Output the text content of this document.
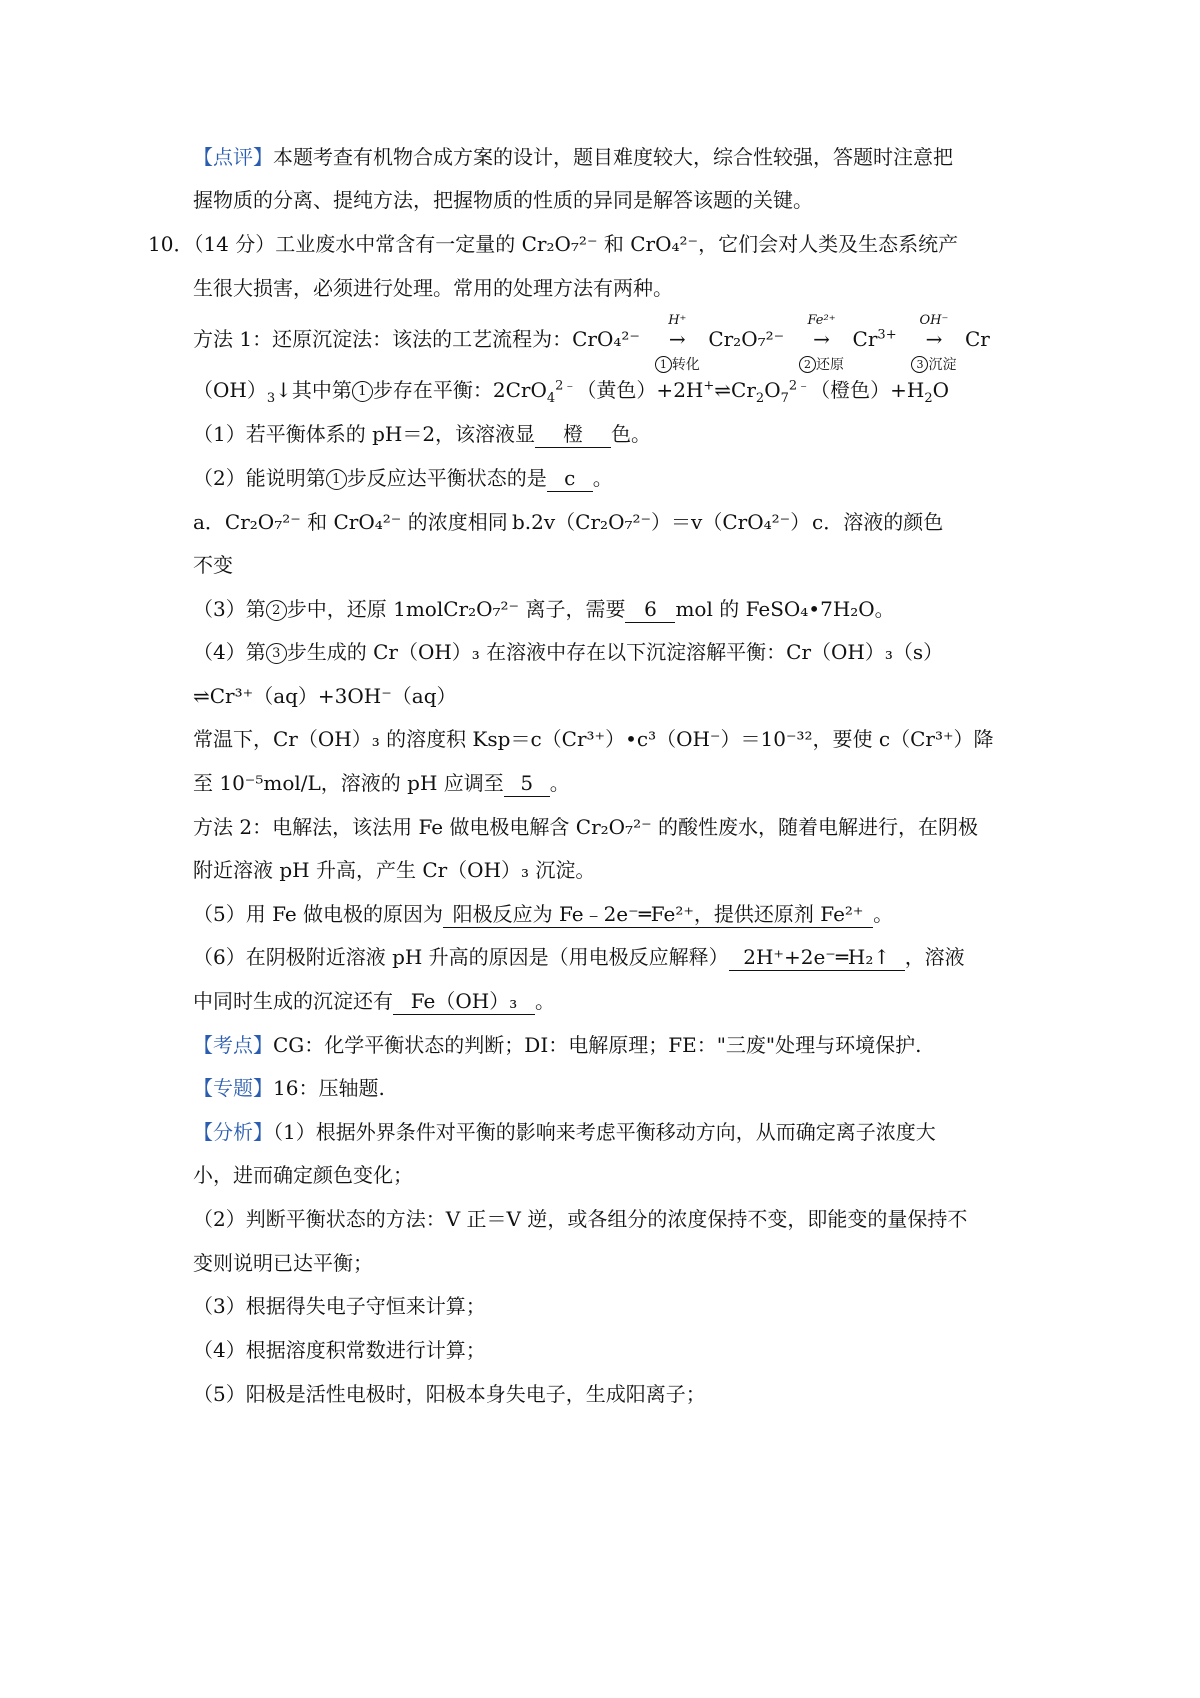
【点评】本题考查有机物合成方案的设计，题目难度较大，综合性较强，答题时注意把
握物质的分离、提纯方法，把握物质的性质的异同是解答该题的关键。
10．（14 分）工业废水中常含有一定量的 Cr₂O₇²⁻ 和 CrO₄²⁻，它们会对人类及生态系统产
生很大损害，必须进行处理。常用的处理方法有两种。
方法 1：还原沉淀法：该法的工艺流程为：CrO₄²⁻
H⁺
→
1 转化
Cr₂O₇²⁻
Fe²⁺
→
2 还原
$Cr^{3+}$
OH⁻
→
3 沉淀
Cr
$(OH)_3↓$其中第 1 步存在平衡：2CrO$_4^{2﹣}$（黄色）$+2H^+\rightleftharpoons Cr_2O_7^{2﹣}$（橙色）$+H_2O$
（1）若平衡体系的 pH＝2，该溶液显 橙 色。
（2）能说明第 1 步反应达平衡状态的是 c 。
a．Cr₂O₇²⁻ 和 CrO₄²⁻ 的浓度相同 b.2v（Cr₂O₇²⁻）＝v（CrO₄²⁻） c．溶液的颜色
不变
（3）第 2 步中，还原 1molCr₂O₇²⁻ 离子，需要 6 mol 的 FeSO₄•7H₂O。
（4）第 3 步生成的 Cr（OH）₃ 在溶液中存在以下沉淀溶解平衡：Cr（OH）₃（s）
⇌Cr³⁺（aq）+3OH⁻（aq）
常温下，Cr（OH）₃ 的溶度积 Ksp＝c（Cr³⁺）•c³（OH⁻）＝10⁻³²，要使 c（Cr³⁺）降
至 10⁻⁵mol/L，溶液的 pH 应调至 5 。
方法 2：电解法，该法用 Fe 做电极电解含 Cr₂O₇²⁻ 的酸性废水，随着电解进行，在阴极
附近溶液 pH 升高，产生 Cr（OH）₃ 沉淀。
（5）用 Fe 做电极的原因为 阳极反应为 Fe﹣2e⁻═Fe²⁺，提供还原剂 Fe²⁺ 。
（6）在阴极附近溶液 pH 升高的原因是（用电极反应解释） 2H⁺+2e⁻═H₂↑ ，溶液
中同时生成的沉淀还有 Fe（OH）₃ 。
【考点】CG：化学平衡状态的判断；DI：电解原理；FE："三废"处理与环境保护.
【专题】16：压轴题.
【分析】（1）根据外界条件对平衡的影响来考虑平衡移动方向，从而确定离子浓度大
小，进而确定颜色变化；
（2）判断平衡状态的方法：V 正＝V 逆，或各组分的浓度保持不变，即能变的量保持不
变则说明已达平衡；
（3）根据得失电子守恒来计算；
（4）根据溶度积常数进行计算；
（5）阳极是活性电极时，阳极本身失电子，生成阳离子；
